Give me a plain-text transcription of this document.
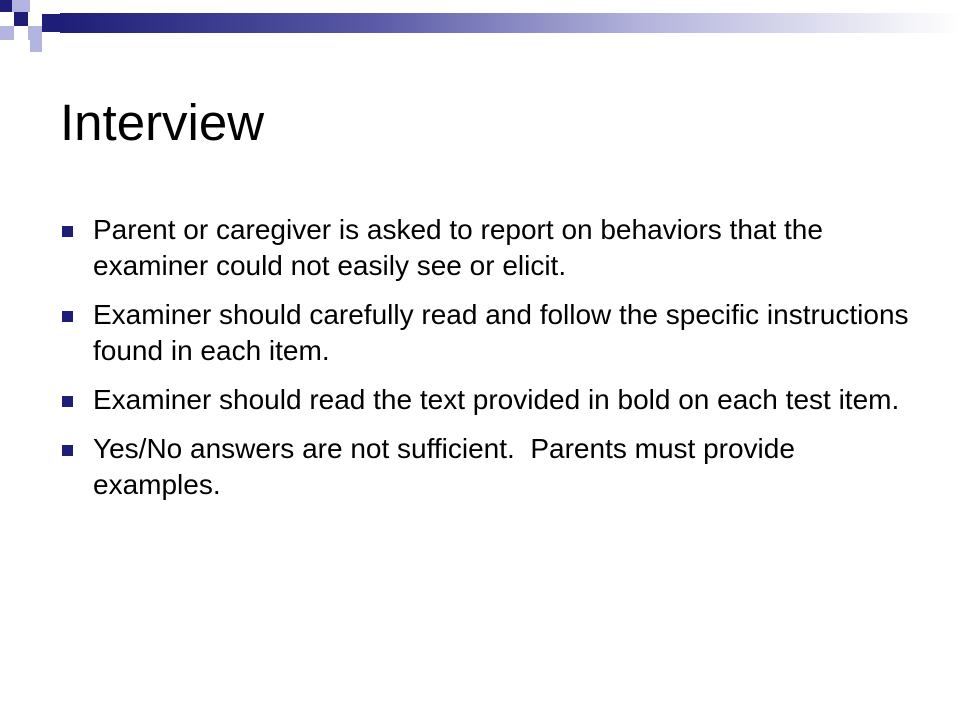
Interview
Parent or caregiver is asked to report on behaviors that the examiner could not easily see or elicit.
Examiner should carefully read and follow the specific instructions found in each item.
Examiner should read the text provided in bold on each test item.
Yes/No answers are not sufficient.  Parents must provide examples.
